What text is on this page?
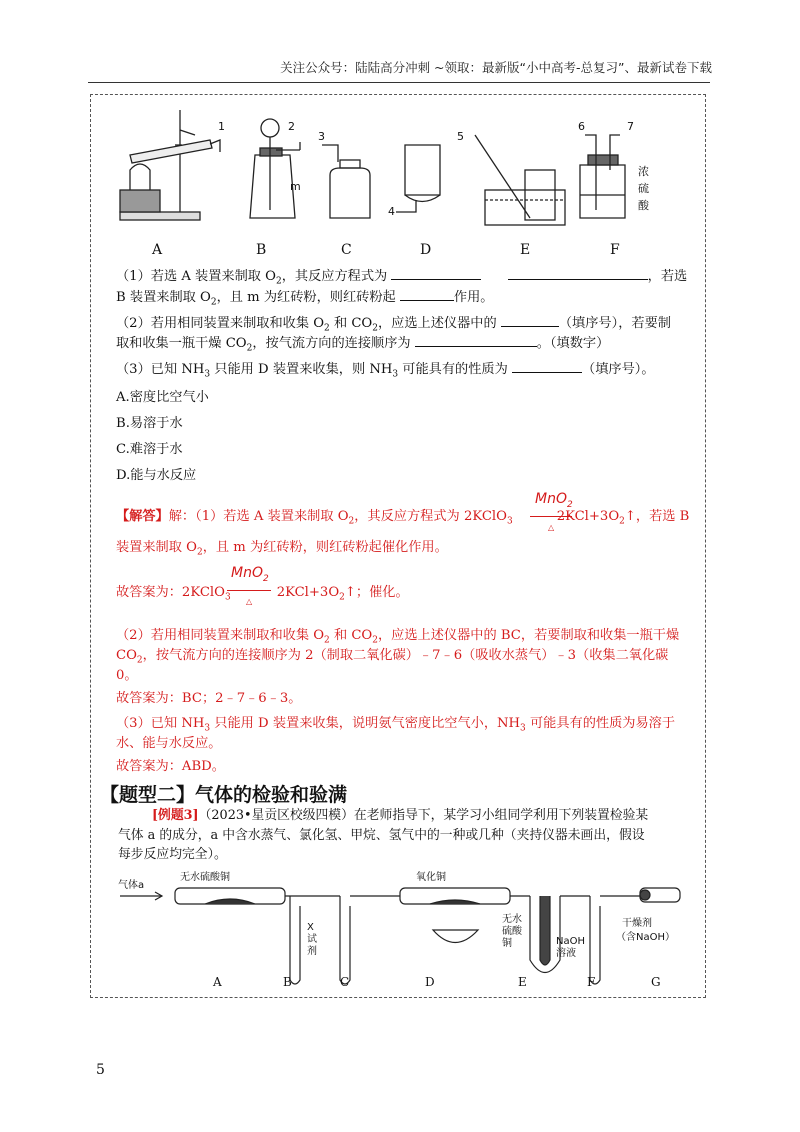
关注公众号：陆陆高分冲刺 ~领取：最新版“小中高考-总复习”、最新试卷下载
A	B	C	D	E	F
1	2
3
4
5
6	7
m
浓
硫
酸
（1）若选 A 装置来制取 $O_2$，其反应方程式为	，若选
B 装置来制取 $O_2$，且 m 为红砖粉，则红砖粉起	作用。
（2）若用相同装置来制取和收集 $O_2$ 和 $CO_2$，应选上述仪器中的	（填序号），若要制
取和收集一瓶干燥 $CO_2$，按气流方向的连接顺序为	。（填数字）
（3）已知 $NH_3$ 只能用 D 装置来收集，则 $NH_3$ 可能具有的性质为	（填序号）。
A.密度比空气小
B.易溶于水
C.难溶于水
D.能与水反应
MnO$_2$
△
【解答】解：（1）若选 A 装置来制取 $O_2$，其反应方程式为 2KClO$_3$	$2KCl+3O_2↑$，若选 B
装置来制取 $O_2$，且 m 为红砖粉，则红砖粉起催化作用。
MnO$_2$
△
故答案为：2KClO$_3$	$2KCl+3O_2↑$；催化。
（2）若用相同装置来制取和收集 $O_2$ 和 $CO_2$，应选上述仪器中的 BC，若要制取和收集一瓶干燥
$CO_2$，按气流方向的连接顺序为 2（制取二氧化碳）﹣7﹣6（吸收水蒸气）﹣3（收集二氧化碳
0。
故答案为：BC；2﹣7﹣6﹣3。
（3）已知 $NH_3$ 只能用 D 装置来收集，说明氨气密度比空气小，$NH_3$ 可能具有的性质为易溶于
水、能与水反应。
故答案为：ABD。
【题型二】气体的检验和验满
[例题3]（2023•星贡区校级四模）在老师指导下，某学习小组同学利用下列装置检验某
气体 a 的成分，a 中含水蒸气、氯化氢、甲烷、氢气中的一种或几种（夹持仪器未画出，假设
每步反应均完全）。
气体a
无水硫酸铜	氧化铜
X
试
剂
无水
硫酸
铜	NaOH
溶液
干燥剂
（含NaOH）
A	B	C	D	E	F	G
5
